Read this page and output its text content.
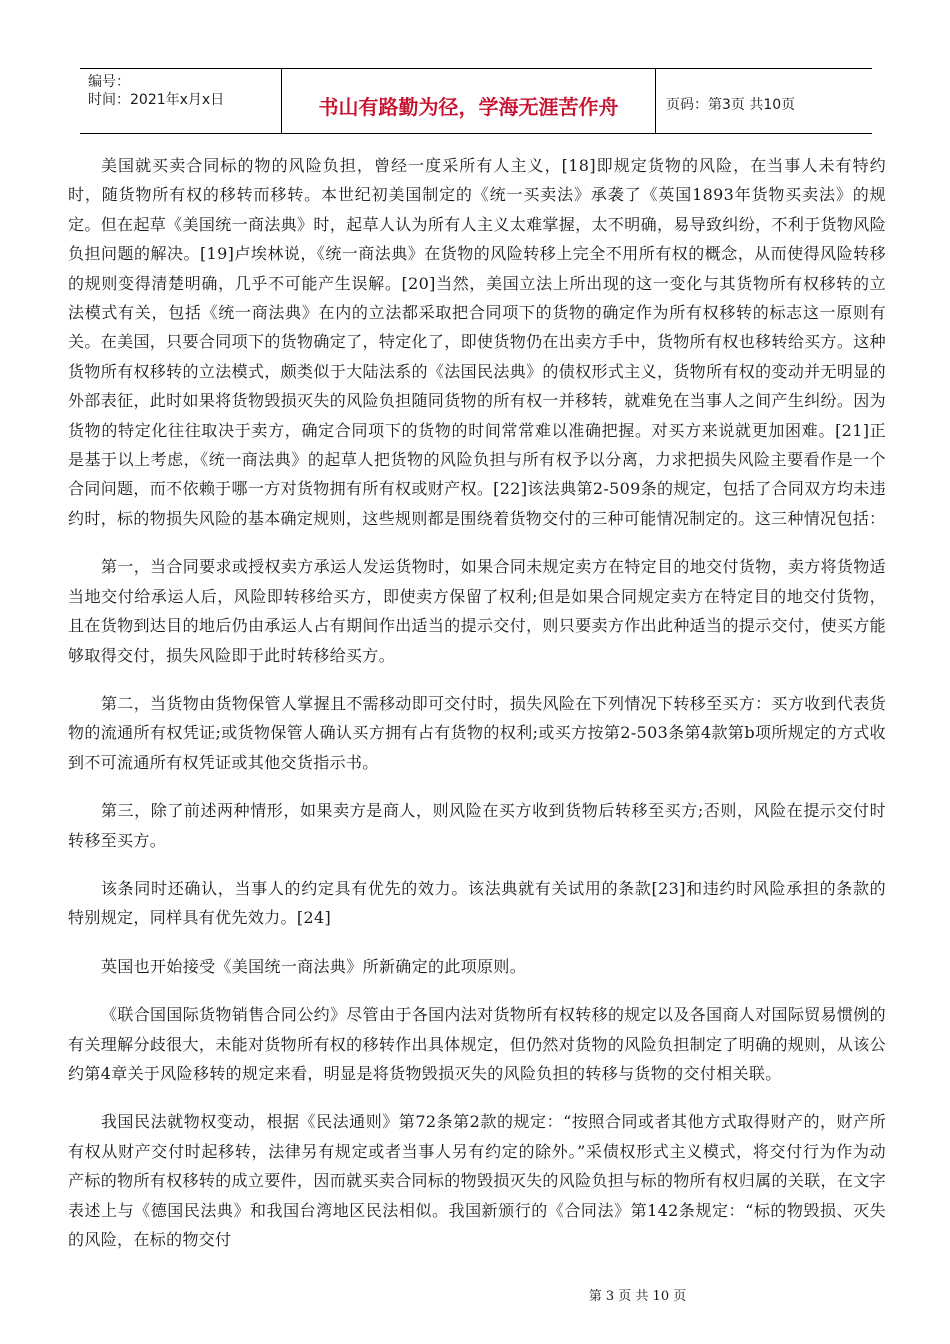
编号：
时间：2021年x月x日	书山有路勤为径，学海无涯苦作舟	页码：第3页 共10页

美国就买卖合同标的物的风险负担，曾经一度采所有人主义，[18]即规定货物的风险，在当事人未有特约时，随货物所有权的移转而移转。本世纪初美国制定的《统一买卖法》承袭了《英国1893年货物买卖法》的规定。但在起草《美国统一商法典》时，起草人认为所有人主义太难掌握，太不明确，易导致纠纷，不利于货物风险负担问题的解决。[19]卢埃林说，《统一商法典》在货物的风险转移上完全不用所有权的概念，从而使得风险转移的规则变得清楚明确，几乎不可能产生误解。[20]当然，美国立法上所出现的这一变化与其货物所有权移转的立法模式有关，包括《统一商法典》在内的立法都采取把合同项下的货物的确定作为所有权移转的标志这一原则有关。在美国，只要合同项下的货物确定了，特定化了，即使货物仍在出卖方手中，货物所有权也移转给买方。这种货物所有权移转的立法模式，颇类似于大陆法系的《法国民法典》的债权形式主义，货物所有权的变动并无明显的外部表征，此时如果将货物毁损灭失的风险负担随同货物的所有权一并移转，就难免在当事人之间产生纠纷。因为货物的特定化往往取决于卖方，确定合同项下的货物的时间常常难以准确把握。对买方来说就更加困难。[21]正是基于以上考虑，《统一商法典》的起草人把货物的风险负担与所有权予以分离，力求把损失风险主要看作是一个合同问题，而不依赖于哪一方对货物拥有所有权或财产权。[22]该法典第2-509条的规定，包括了合同双方均未违约时，标的物损失风险的基本确定规则，这些规则都是围绕着货物交付的三种可能情况制定的。这三种情况包括：

第一，当合同要求或授权卖方承运人发运货物时，如果合同未规定卖方在特定目的地交付货物，卖方将货物适当地交付给承运人后，风险即转移给买方，即使卖方保留了权利;但是如果合同规定卖方在特定目的地交付货物，且在货物到达目的地后仍由承运人占有期间作出适当的提示交付，则只要卖方作出此种适当的提示交付，使买方能够取得交付，损失风险即于此时转移给买方。

第二，当货物由货物保管人掌握且不需移动即可交付时，损失风险在下列情况下转移至买方：买方收到代表货物的流通所有权凭证;或货物保管人确认买方拥有占有货物的权利;或买方按第2-503条第4款第b项所规定的方式收到不可流通所有权凭证或其他交货指示书。

第三，除了前述两种情形，如果卖方是商人，则风险在买方收到货物后转移至买方;否则，风险在提示交付时转移至买方。

该条同时还确认，当事人的约定具有优先的效力。该法典就有关试用的条款[23]和违约时风险承担的条款的特别规定，同样具有优先效力。[24]

英国也开始接受《美国统一商法典》所新确定的此项原则。

《联合国国际货物销售合同公约》尽管由于各国内法对货物所有权转移的规定以及各国商人对国际贸易惯例的有关理解分歧很大，未能对货物所有权的移转作出具体规定，但仍然对货物的风险负担制定了明确的规则，从该公约第4章关于风险移转的规定来看，明显是将货物毁损灭失的风险负担的转移与货物的交付相关联。

我国民法就物权变动，根据《民法通则》第72条第2款的规定：“按照合同或者其他方式取得财产的，财产所有权从财产交付时起移转，法律另有规定或者当事人另有约定的除外。”采债权形式主义模式，将交付行为作为动产标的物所有权移转的成立要件，因而就买卖合同标的物毁损灭失的风险负担与标的物所有权归属的关联，在文字表述上与《德国民法典》和我国台湾地区民法相似。我国新颁行的《合同法》第142条规定：“标的物毁损、灭失的风险，在标的物交付

第 3 页 共 10 页
